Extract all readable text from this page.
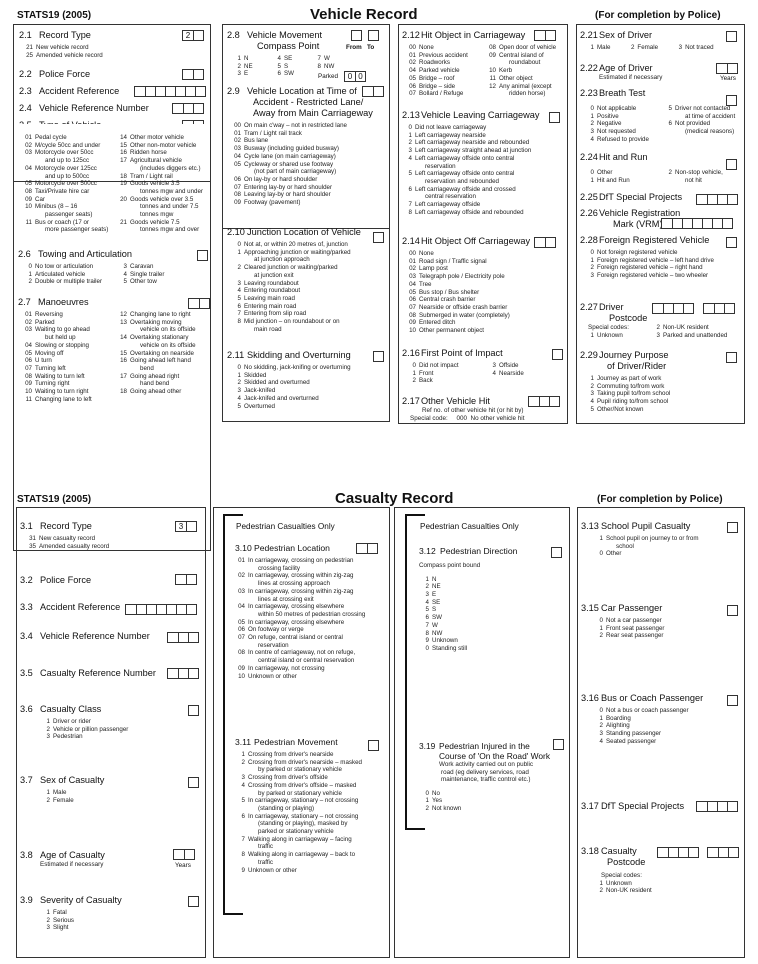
STATS19 (2005)	Vehicle Record	(For completion by Police)
2.1 Record Type
21 New vehicle record
25 Amended vehicle record
2
2.2 Police Force
2.3 Accident Reference
2.4 Vehicle Reference Number
01 Pedal cycle
02 M/cycle 50cc and under
03 Motorcycle over 50cc
and up to 125cc
04 Motorcycle over 125cc
and up to 500cc
05 Motorcycle over 500cc
08 Taxi/Private hire car
09 Car
10 Minibus (8 – 16
passenger seats)
11 Bus or coach (17 or
more passenger seats)
14 Other motor vehicle
15 Other non-motor vehicle
16 Ridden horse
17 Agricultural vehicle
(includes diggers etc.)
18 Tram / Light rail
19 Goods vehicle 3.5
tonnes mgw and under
20 Goods vehicle over 3.5
tonnes and under 7.5
tonnes mgw
21 Goods vehicle 7.5
tonnes mgw and over
2.6 Towing and Articulation
0 No tow or articulation
1 Articulated vehicle
2 Double or multiple trailer
3 Caravan
4 Single trailer
5 Other tow
2.7 Manoeuvres
01 Reversing
02 Parked
03 Waiting to go ahead
but held up
04 Slowing or stopping
05 Moving off
06 U turn
07 Turning left
08 Waiting to turn left
09 Turning right
10 Waiting to turn right
11 Changing lane to left
12 Changing lane to right
13 Overtaking moving
vehicle on its offside
14 Overtaking stationary
vehicle on its offside
15 Overtaking on nearside
16 Going ahead left hand
bend
17 Going ahead right
hand bend
18 Going ahead other
2.8 Vehicle Movement
Compass Point
1 N
2 NE
3 E
4 SE
5 S
6 SW
7 W
8 NW
From To
Parked	0 0
2.9 Vehicle Location at Time of
Accident - Restricted Lane/
Away from Main Carriageway
00 On main c'way – not in restricted lane
01 Tram / Light rail track
02 Bus lane
03 Busway (including guided busway)
04 Cycle lane (on main carriageway)
05 Cycleway or shared use footway
(not part of main carriageway)
06 On lay-by or hard shoulder
07 Entering lay-by or hard shoulder
08 Leaving lay-by or hard shoulder
09 Footway (pavement)
2.10 Junction Location of Vehicle
0 Not at, or within 20 metres of, junction
1 Approaching junction or waiting/parked
at junction approach
2 Cleared junction or waiting/parked
at junction exit
3 Leaving roundabout
4 Entering roundabout
5 Leaving main road
6 Entering main road
7 Entering from slip road
8 Mid junction – on roundabout or on
main road
2.11 Skidding and Overturning
0 No skidding, jack-knifing or overturning
1 Skidded
2 Skidded and overturned
3 Jack-knifed
4 Jack-knifed and overturned
5 Overturned
2.12 Hit Object in Carriageway
00 None
01 Previous accident
02 Roadworks
04 Parked vehicle
05 Bridge – roof
06 Bridge – side
07 Bollard / Refuge
08 Open door of vehicle
09 Central island of
roundabout
10 Kerb
11 Other object
12 Any animal (except
ridden horse)
2.13 Vehicle Leaving Carriageway
0 Did not leave carriageway
1 Left carriageway nearside
2 Left carriageway nearside and rebounded
3 Left carriageway straight ahead at junction
4 Left carriageway offside onto central
reservation
5 Left carriageway offside onto central
reservation and rebounded
6 Left carriageway offside and crossed
central reservation
7 Left carriageway offside
8 Left carriageway offside and rebounded
2.14 Hit Object Off Carriageway
00 None
01 Road sign / Traffic signal
02 Lamp post
03 Telegraph pole / Electricity pole
04 Tree
05 Bus stop / Bus shelter
06 Central crash barrier
07 Nearside or offside crash barrier
08 Submerged in water (completely)
09 Entered ditch
10 Other permanent object
2.16 First Point of Impact
0 Did not impact
1 Front
2 Back
3 Offside
4 Nearside
2.17 Other Vehicle Hit
Ref no. of other vehicle hit (or hit by)
Special code:     000  No other vehicle hit
2.21 Sex of Driver
1 Male	2 Female	3 Not traced
2.22 Age of Driver
Estimated if necessary	Years
2.23 Breath Test
0 Not applicable
1 Positive
2 Negative
3 Not requested
4 Refused to provide
5 Driver not contacted
at time of accident
6 Not provided
(medical reasons)
2.24 Hit and Run
0 Other
1 Hit and Run
2 Non-stop vehicle,
not hit
2.25 DfT Special Projects
2.26 Vehicle Registration
Mark (VRM)
2.28 Foreign Registered Vehicle
0 Not foreign registered vehicle
1 Foreign registered vehicle – left hand drive
2 Foreign registered vehicle – right hand
3 Foreign registered vehicle – two wheeler
2.27 Driver
Postcode
Special codes:
1 Unknown
2 Non-UK resident
3 Parked and unattended
2.29 Journey Purpose
of Driver/Rider
1 Journey as part of work
2 Commuting to/from work
3 Taking pupil to/from school
4 Pupil riding to/from school
5 Other/Not known
STATS19 (2005)	Casualty Record	(For completion by Police)
3.1 Record Type
31 New casualty record
35 Amended casualty record
3
3.2 Police Force
3.3 Accident Reference
3.4 Vehicle Reference Number
3.5 Casualty Reference Number
3.6 Casualty Class
1 Driver or rider
2 Vehicle or pillion passenger
3 Pedestrian
3.7 Sex of Casualty
1 Male
2 Female
3.8 Age of Casualty
Estimated if necessary	Years
3.9 Severity of Casualty
1 Fatal
2 Serious
3 Slight
Pedestrian Casualties Only
3.10 Pedestrian Location
01 In carriageway, crossing on pedestrian
crossing facility
02 In carriageway, crossing within zig-zag
lines at crossing approach
03 In carriageway, crossing within zig-zag
lines at crossing exit
04 In carriageway, crossing elsewhere
within 50 metres of pedestrian crossing
05 In carriageway, crossing elsewhere
06 On footway or verge
07 On refuge, central island or central
reservation
08 In centre of carriageway, not on refuge,
central island or central reservation
09 In carriageway, not crossing
10 Unknown or other
3.11 Pedestrian Movement
1 Crossing from driver's nearside
2 Crossing from driver's nearside – masked
by parked or stationary vehicle
3 Crossing from driver's offside
4 Crossing from driver's offside – masked
by parked or stationary vehicle
5 In carriageway, stationary – not crossing
(standing or playing)
6 In carriageway, stationary – not crossing
(standing or playing), masked by
parked or stationary vehicle
7 Walking along in carriageway – facing
traffic
8 Walking along in carriageway – back to
traffic
9 Unknown or other
Pedestrian Casualties Only
3.12 Pedestrian Direction
Compass point bound
1 N
2 NE
3 E
4 SE
5 S
6 SW
7 W
8 NW
9 Unknown
0 Standing still
3.19 Pedestrian Injured in the
Course of 'On the Road' Work
Work activity carried out on public
road (eg delivery services, road
maintenance, traffic control etc.)
0 No
1 Yes
2 Not known
3.13 School Pupil Casualty
1 School pupil on journey to or from
school
0 Other
3.15 Car Passenger
0 Not a car passenger
1 Front seat passenger
2 Rear seat passenger
3.16 Bus or Coach Passenger
0 Not a bus or coach passenger
1 Boarding
2 Alighting
3 Standing passenger
4 Seated passenger
3.17 DfT Special Projects
3.18 Casualty
Postcode
Special codes:
1 Unknown
2 Non-UK resident
